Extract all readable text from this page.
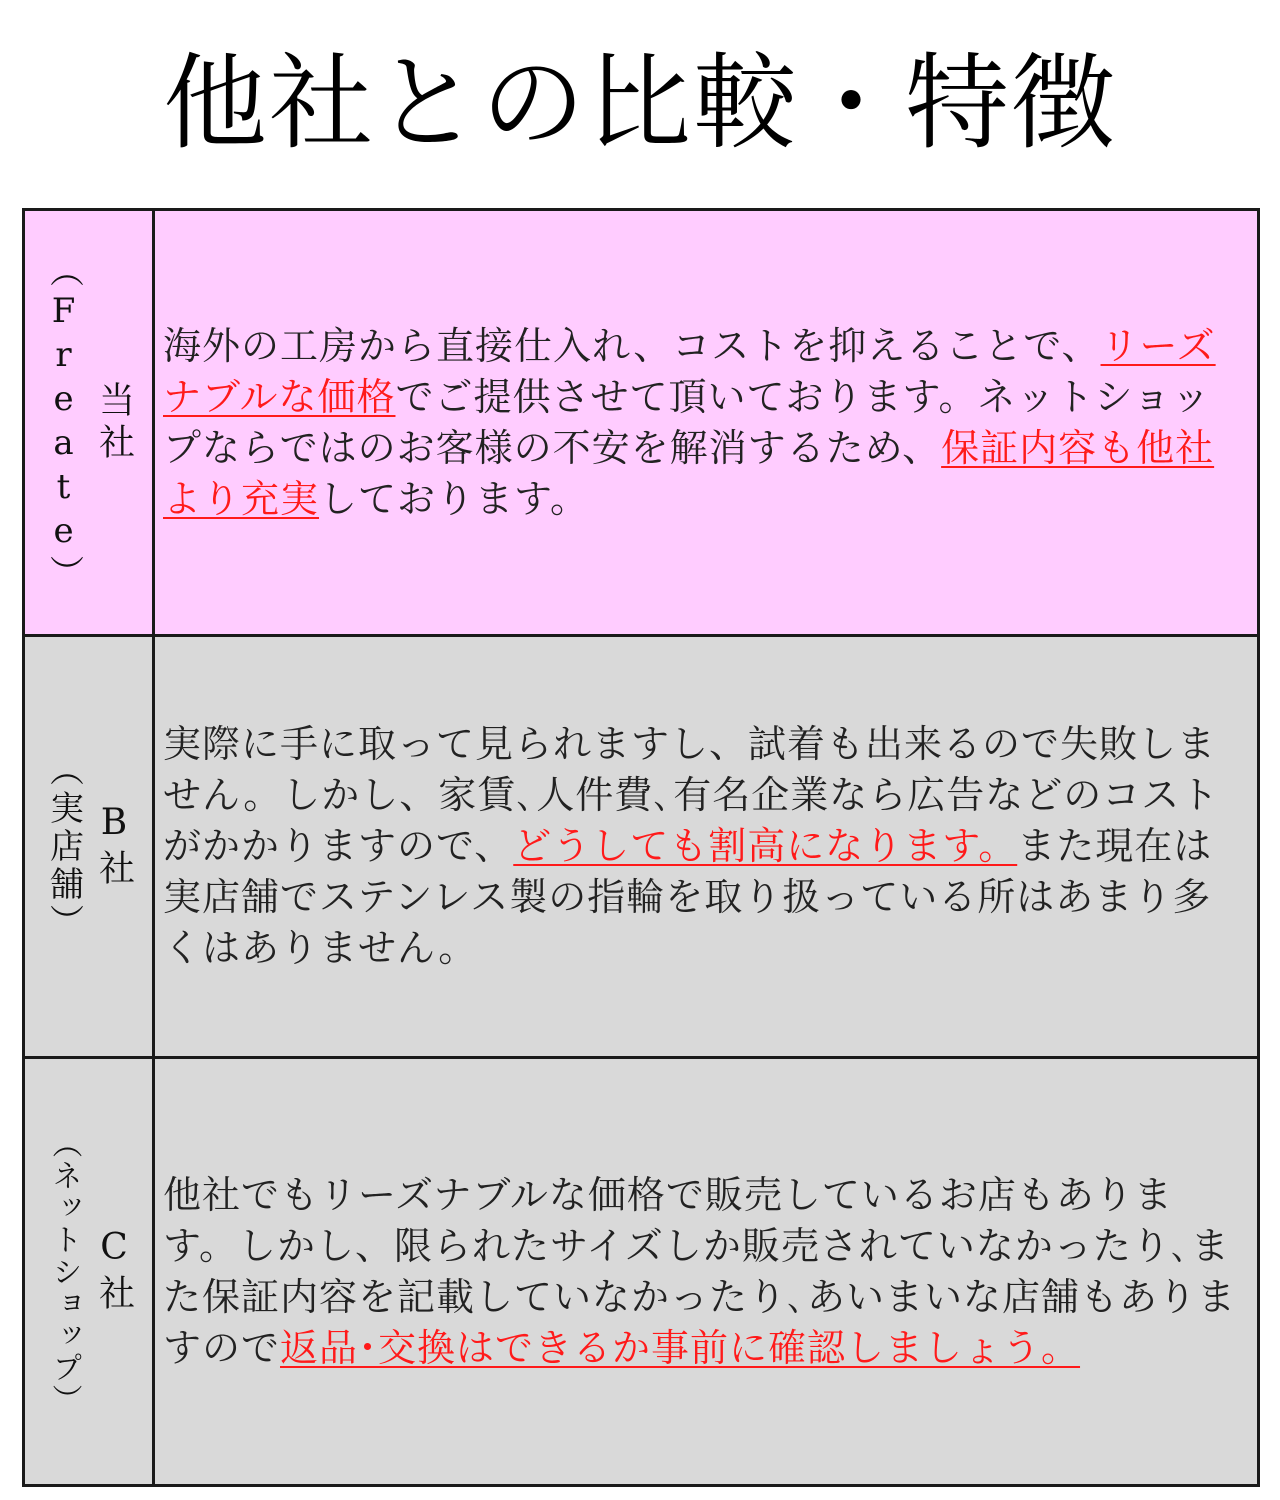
他社との比較・特徴
当社
（Freate） 海外の工房から直接仕入れ、コストを抑えることで、リーズナブルな価格でご提供させて頂いております。ネットショップならではのお客様の不安を解消するため、保証内容も他社より充実しております。

B社
（実店舗）

実際に手に取って見られますし、試着も出来るので失敗しません。しかし、家賃､人件費､有名企業なら広告などのコストがかかりますので、どうしても割高になります。また現在は実店舗でステンレス製の指輪を取り扱っている所はあまり多くはありません。

C社
（ネットショップ） 他社でもリーズナブルな価格で販売しているお店もあります。しかし、限られたサイズしか販売されていなかったり､また保証内容を記載していなかったり､あいまいな店舗もありますので返品･交換はできるか事前に確認しましょう。
